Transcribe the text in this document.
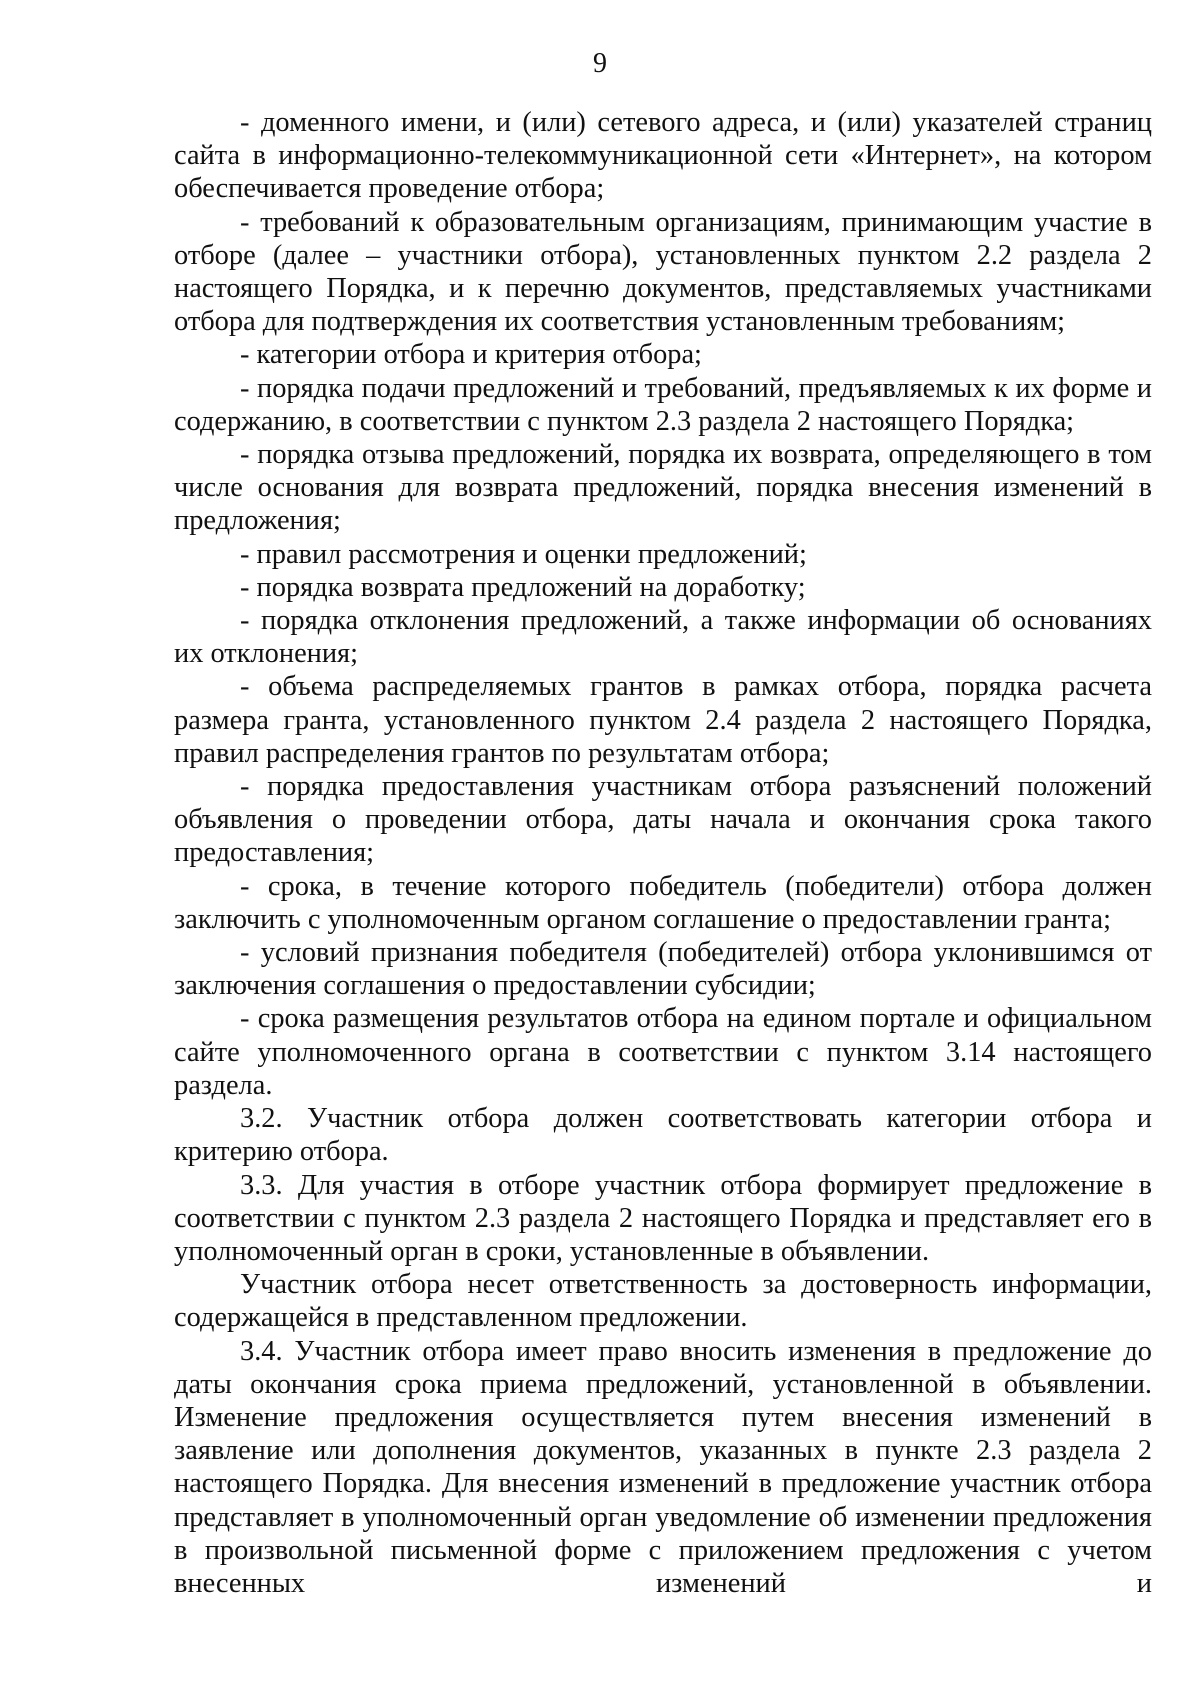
9

- доменного имени, и (или) сетевого адреса, и (или) указателей страниц сайта в информационно-телекоммуникационной сети «Интернет», на котором обеспечивается проведение отбора;

- требований к образовательным организациям, принимающим участие в отборе (далее – участники отбора), установленных пунктом 2.2 раздела 2 настоящего Порядка, и к перечню документов, представляемых участниками отбора для подтверждения их соответствия установленным требованиям;

- категории отбора и критерия отбора;

- порядка подачи предложений и требований, предъявляемых к их форме и содержанию, в соответствии с пунктом 2.3 раздела 2 настоящего Порядка;

- порядка отзыва предложений, порядка их возврата, определяющего в том числе основания для возврата предложений, порядка внесения изменений в предложения;

- правил рассмотрения и оценки предложений;

- порядка возврата предложений на доработку;

- порядка отклонения предложений, а также информации об основаниях их отклонения;

- объема распределяемых грантов в рамках отбора, порядка расчета размера гранта, установленного пунктом 2.4 раздела 2 настоящего Порядка, правил распределения грантов по результатам отбора;

- порядка предоставления участникам отбора разъяснений положений объявления о проведении отбора, даты начала и окончания срока такого предоставления;

- срока, в течение которого победитель (победители) отбора должен заключить с уполномоченным органом соглашение о предоставлении гранта;

- условий признания победителя (победителей) отбора уклонившимся от заключения соглашения о предоставлении субсидии;

- срока размещения результатов отбора на едином портале и официальном сайте уполномоченного органа в соответствии с пунктом 3.14 настоящего раздела.

3.2. Участник отбора должен соответствовать категории отбора и критерию отбора.

3.3. Для участия в отборе участник отбора формирует предложение в соответствии с пунктом 2.3 раздела 2 настоящего Порядка и представляет его в уполномоченный орган в сроки, установленные в объявлении.

Участник отбора несет ответственность за достоверность информации, содержащейся в представленном предложении.

3.4. Участник отбора имеет право вносить изменения в предложение до даты окончания срока приема предложений, установленной в объявлении. Изменение предложения осуществляется путем внесения изменений в заявление или дополнения документов, указанных в пункте 2.3 раздела 2 настоящего Порядка. Для внесения изменений в предложение участник отбора представляет в уполномоченный орган уведомление об изменении предложения в произвольной письменной форме с приложением предложения с учетом внесенных изменений и
